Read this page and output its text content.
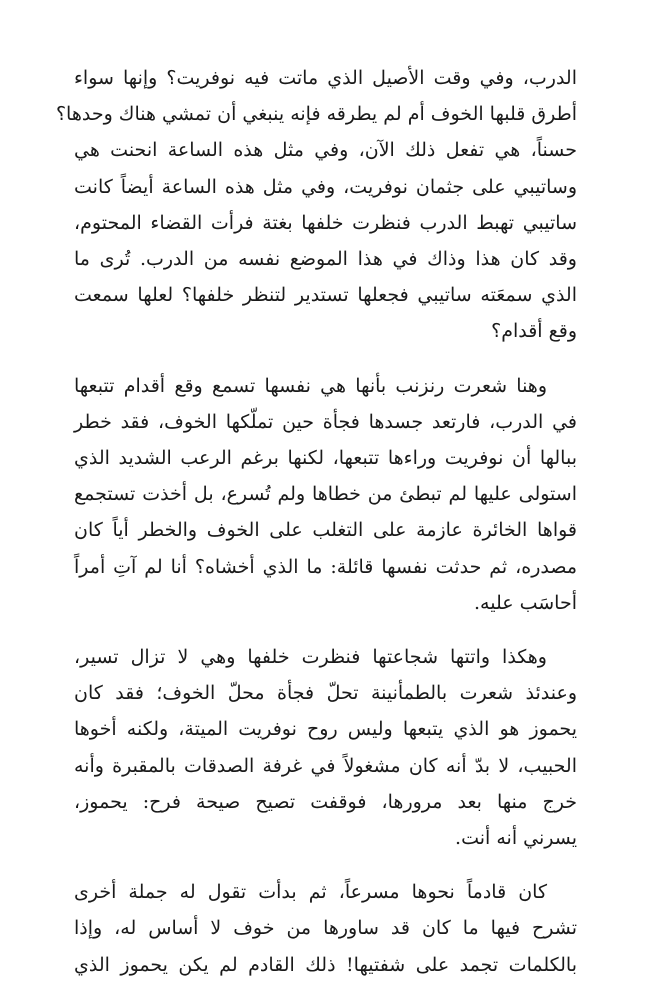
الدرب، وفي وقت الأصيل الذي ماتت فيه نوفريت؟ وإنها سواء
أطرق قلبها الخوف أم لم يطرقه فإنه ينبغي أن تمشي هناك وحدها؟
حسناً، هي تفعل ذلك الآن، وفي مثل هذه الساعة انحنت هي
وساتيبي على جثمان نوفريت، وفي مثل هذه الساعة أيضاً كانت
ساتيبي تهبط الدرب فنظرت خلفها بغتة فرأت القضاء المحتوم،
وقد كان هذا وذاك في هذا الموضع نفسه من الدرب. تُرى ما
الذي سمعَته ساتيبي فجعلها تستدير لتنظر خلفها؟ لعلها سمعت
وقع أقدام؟
وهنا شعرت رنزنب بأنها هي نفسها تسمع وقع أقدام تتبعها
في الدرب، فارتعد جسدها فجأة حين تملّكها الخوف، فقد خطر
ببالها أن نوفريت وراءها تتبعها، لكنها برغم الرعب الشديد الذي
استولى عليها لم تبطئ من خطاها ولم تُسرع، بل أخذت تستجمع
قواها الخائرة عازمة على التغلب على الخوف والخطر أياً كان
مصدره، ثم حدثت نفسها قائلة: ما الذي أخشاه؟ أنا لم آتِ أمراً
أحاسَب عليه.
وهكذا واتتها شجاعتها فنظرت خلفها وهي لا تزال تسير،
وعندئذ شعرت بالطمأنينة تحلّ فجأة محلّ الخوف؛ فقد كان
يحموز هو الذي يتبعها وليس روح نوفريت الميتة، ولكنه أخوها
الحبيب، لا بدّ أنه كان مشغولاً في غرفة الصدقات بالمقبرة وأنه
خرج منها بعد مرورها، فوقفت تصيح صيحة فرح: يحموز،
يسرني أنه أنت.
كان قادماً نحوها مسرعاً، ثم بدأت تقول له جملة أخرى
تشرح فيها ما كان قد ساورها من خوف لا أساس له، وإذا
بالكلمات تجمد على شفتيها! ذلك القادم لم يكن يحموز الذي
